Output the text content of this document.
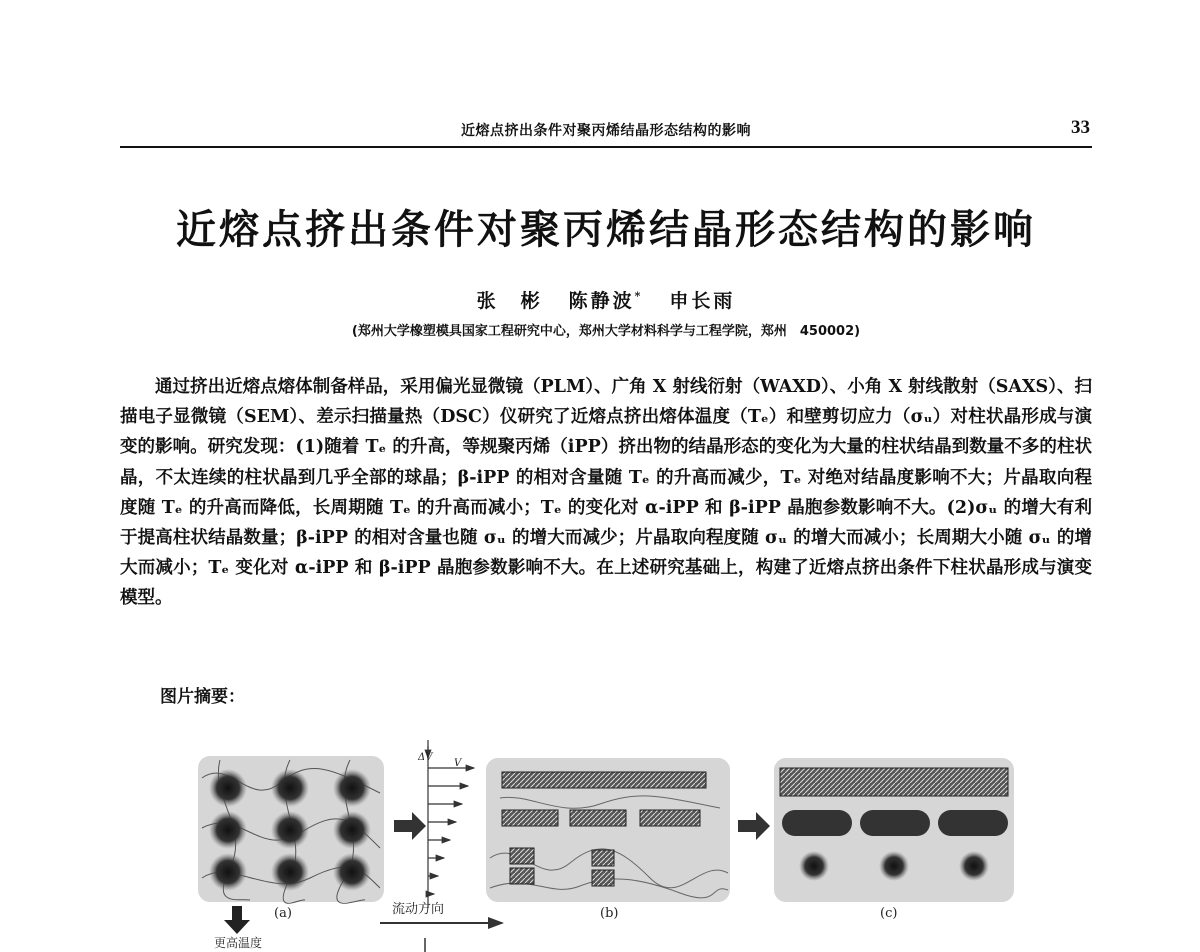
近熔点挤出条件对聚丙烯结晶形态结构的影响	33
近熔点挤出条件对聚丙烯结晶形态结构的影响
张　彬 陈静波* 申长雨
(郑州大学橡塑模具国家工程研究中心，郑州大学材料科学与工程学院，郑州　450002)

通过挤出近熔点熔体制备样品，采用偏光显微镜（PLM）、广角 X 射线衍射（WAXD）、小角 X 射线散射（SAXS）、扫描电子显微镜（SEM）、差示扫描量热（DSC）仪研究了近熔点挤出熔体温度（Tₑ）和壁剪切应力（σᵤ）对柱状晶形成与演变的影响。研究发现：(1)随着 Tₑ 的升高，等规聚丙烯（iPP）挤出物的结晶形态的变化为大量的柱状结晶到数量不多的柱状晶，不太连续的柱状晶到几乎全部的球晶；β-iPP 的相对含量随 Tₑ 的升高而减少，Tₑ 对绝对结晶度影响不大；片晶取向程度随 Tₑ 的升高而降低，长周期随 Tₑ 的升高而减小；Tₑ 的变化对 α-iPP 和 β-iPP 晶胞参数影响不大。(2)σᵤ 的增大有利于提高柱状结晶数量；β-iPP 的相对含量也随 σᵤ 的增大而减少；片晶取向程度随 σᵤ 的增大而减小；长周期大小随 σᵤ 的增大而减小；Tₑ 变化对 α-iPP 和 β-iPP 晶胞参数影响不大。在上述研究基础上，构建了近熔点挤出条件下柱状晶形成与演变模型。

图片摘要：
ΔV
V
(a)	(b)	(c)
流动方向
更高温度
